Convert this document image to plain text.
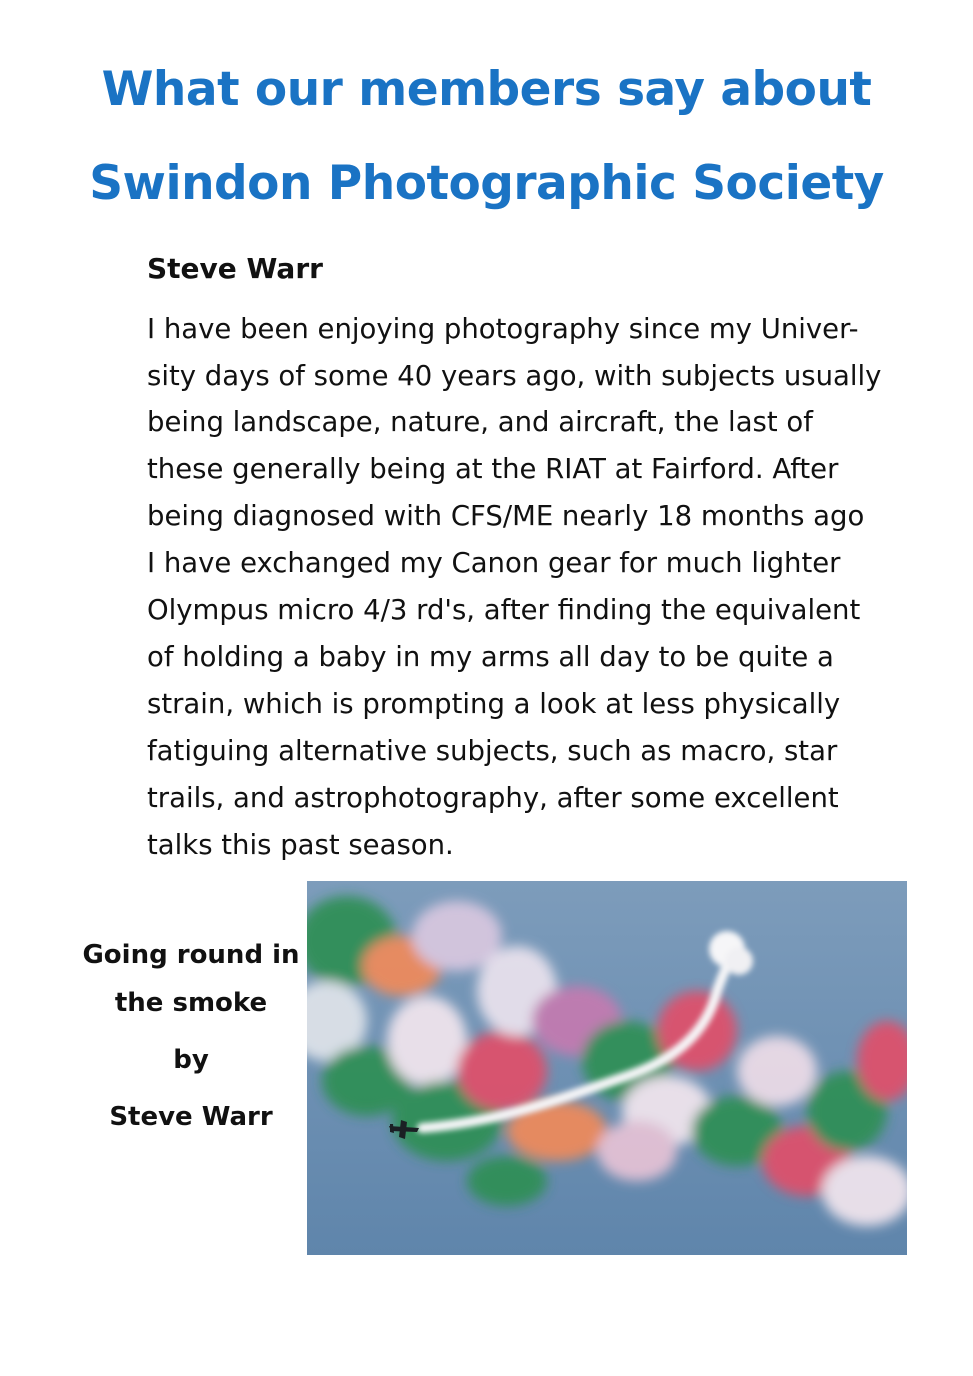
What our members say about
Swindon Photographic Society

Steve Warr

I have been enjoying photography since my Univer-

sity days of some 40 years ago, with subjects usually

being landscape, nature, and aircraft, the last of

these generally being at the RIAT at Fairford. After

being diagnosed with CFS/ME nearly 18 months ago

I have exchanged my Canon gear for much lighter

Olympus micro 4/3 rd's, after finding the equivalent

of holding a baby in my arms all day to be quite a

strain, which is prompting a look at less physically

fatiguing alternative subjects, such as macro, star

trails, and astrophotography, after some excellent

talks this past season.

Going round in

the smoke

by

Steve Warr
